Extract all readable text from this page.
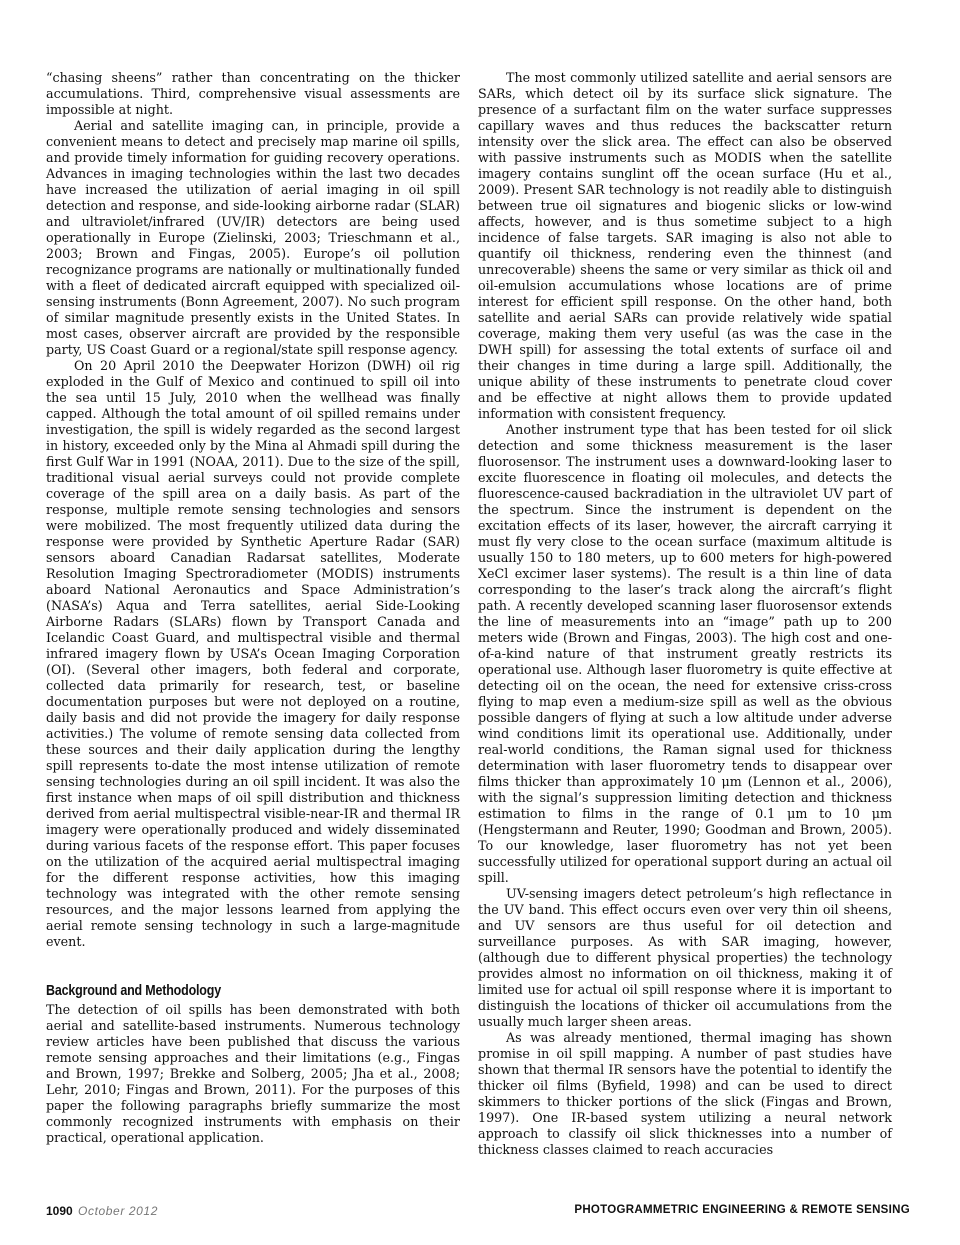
“chasing sheens” rather than concentrating on the thicker accumulations. Third, comprehensive visual assessments are impossible at night.

Aerial and satellite imaging can, in principle, provide a convenient means to detect and precisely map marine oil spills, and provide timely information for guiding recovery operations. Advances in imaging technologies within the last two decades have increased the utilization of aerial imaging in oil spill detection and response, and side-looking airborne radar (SLAR) and ultraviolet/infrared (UV/IR) detectors are being used operationally in Europe (Zielinski, 2003; Trieschmann et al., 2003; Brown and Fingas, 2005). Europe’s oil pollution recognizance programs are nationally or multinationally funded with a fleet of dedicated aircraft equipped with specialized oil-sensing instruments (Bonn Agreement, 2007). No such program of similar magnitude presently exists in the United States. In most cases, observer aircraft are provided by the responsible party, US Coast Guard or a regional/state spill response agency.

On 20 April 2010 the Deepwater Horizon (DWH) oil rig exploded in the Gulf of Mexico and continued to spill oil into the sea until 15 July, 2010 when the wellhead was finally capped. Although the total amount of oil spilled remains under investigation, the spill is widely regarded as the second largest in history, exceeded only by the Mina al Ahmadi spill during the first Gulf War in 1991 (NOAA, 2011). Due to the size of the spill, traditional visual aerial surveys could not provide complete coverage of the spill area on a daily basis. As part of the response, multiple remote sensing technologies and sensors were mobilized. The most frequently utilized data during the response were provided by Synthetic Aperture Radar (SAR) sensors aboard Canadian Radarsat satellites, Moderate Resolution Imaging Spectroradiometer (MODIS) instruments aboard National Aeronautics and Space Administration’s (NASA’s) Aqua and Terra satellites, aerial Side-Looking Airborne Radars (SLARs) flown by Transport Canada and Icelandic Coast Guard, and multispectral visible and thermal infrared imagery flown by USA’s Ocean Imaging Corporation (OI). (Several other imagers, both federal and corporate, collected data primarily for research, test, or baseline documentation purposes but were not deployed on a routine, daily basis and did not provide the imagery for daily response activities.) The volume of remote sensing data collected from these sources and their daily application during the lengthy spill represents to-date the most intense utilization of remote sensing technologies during an oil spill incident. It was also the first instance when maps of oil spill distribution and thickness derived from aerial multispectral visible-near-IR and thermal IR imagery were operationally produced and widely disseminated during various facets of the response effort. This paper focuses on the utilization of the acquired aerial multispectral imaging for the different response activities, how this imaging technology was integrated with the other remote sensing resources, and the major lessons learned from applying the aerial remote sensing technology in such a large-magnitude event.

Background and Methodology

The detection of oil spills has been demonstrated with both aerial and satellite-based instruments. Numerous technology review articles have been published that discuss the various remote sensing approaches and their limitations (e.g., Fingas and Brown, 1997; Brekke and Solberg, 2005; Jha et al., 2008; Lehr, 2010; Fingas and Brown, 2011). For the purposes of this paper the following paragraphs briefly summarize the most commonly recognized instruments with emphasis on their practical, operational application.

The most commonly utilized satellite and aerial sensors are SARs, which detect oil by its surface slick signature. The presence of a surfactant film on the water surface suppresses capillary waves and thus reduces the backscatter return intensity over the slick area. The effect can also be observed with passive instruments such as MODIS when the satellite imagery contains sunglint off the ocean surface (Hu et al., 2009). Present SAR technology is not readily able to distinguish between true oil signatures and biogenic slicks or low-wind affects, however, and is thus sometime subject to a high incidence of false targets. SAR imaging is also not able to quantify oil thickness, rendering even the thinnest (and unrecoverable) sheens the same or very similar as thick oil and oil-emulsion accumulations whose locations are of prime interest for efficient spill response. On the other hand, both satellite and aerial SARs can provide relatively wide spatial coverage, making them very useful (as was the case in the DWH spill) for assessing the total extents of surface oil and their changes in time during a large spill. Additionally, the unique ability of these instruments to penetrate cloud cover and be effective at night allows them to provide updated information with consistent frequency.

Another instrument type that has been tested for oil slick detection and some thickness measurement is the laser fluorosensor. The instrument uses a downward-looking laser to excite fluorescence in floating oil molecules, and detects the fluorescence-caused backradiation in the ultraviolet UV part of the spectrum. Since the instrument is dependent on the excitation effects of its laser, however, the aircraft carrying it must fly very close to the ocean surface (maximum altitude is usually 150 to 180 meters, up to 600 meters for high-powered XeCl excimer laser systems). The result is a thin line of data corresponding to the laser’s track along the aircraft’s flight path. A recently developed scanning laser fluorosensor extends the line of measurements into an “image” path up to 200 meters wide (Brown and Fingas, 2003). The high cost and one-of-a-kind nature of that instrument greatly restricts its operational use. Although laser fluorometry is quite effective at detecting oil on the ocean, the need for extensive criss-cross flying to map even a medium-size spill as well as the obvious possible dangers of flying at such a low altitude under adverse wind conditions limit its operational use. Additionally, under real-world conditions, the Raman signal used for thickness determination with laser fluorometry tends to disappear over films thicker than approximately 10 μm (Lennon et al., 2006), with the signal’s suppression limiting detection and thickness estimation to films in the range of 0.1 μm to 10 μm (Hengstermann and Reuter, 1990; Goodman and Brown, 2005). To our knowledge, laser fluorometry has not yet been successfully utilized for operational support during an actual oil spill.

UV-sensing imagers detect petroleum’s high reflectance in the UV band. This effect occurs even over very thin oil sheens, and UV sensors are thus useful for oil detection and surveillance purposes. As with SAR imaging, however, (although due to different physical properties) the technology provides almost no information on oil thickness, making it of limited use for actual oil spill response where it is important to distinguish the locations of thicker oil accumulations from the usually much larger sheen areas.

As was already mentioned, thermal imaging has shown promise in oil spill mapping. A number of past studies have shown that thermal IR sensors have the potential to identify the thicker oil films (Byfield, 1998) and can be used to direct skimmers to thicker portions of the slick (Fingas and Brown, 1997). One IR-based system utilizing a neural network approach to classify oil slick thicknesses into a number of thickness classes claimed to reach accuracies

1090 October 2012	PHOTOGRAMMETRIC ENGINEERING & REMOTE SENSING
